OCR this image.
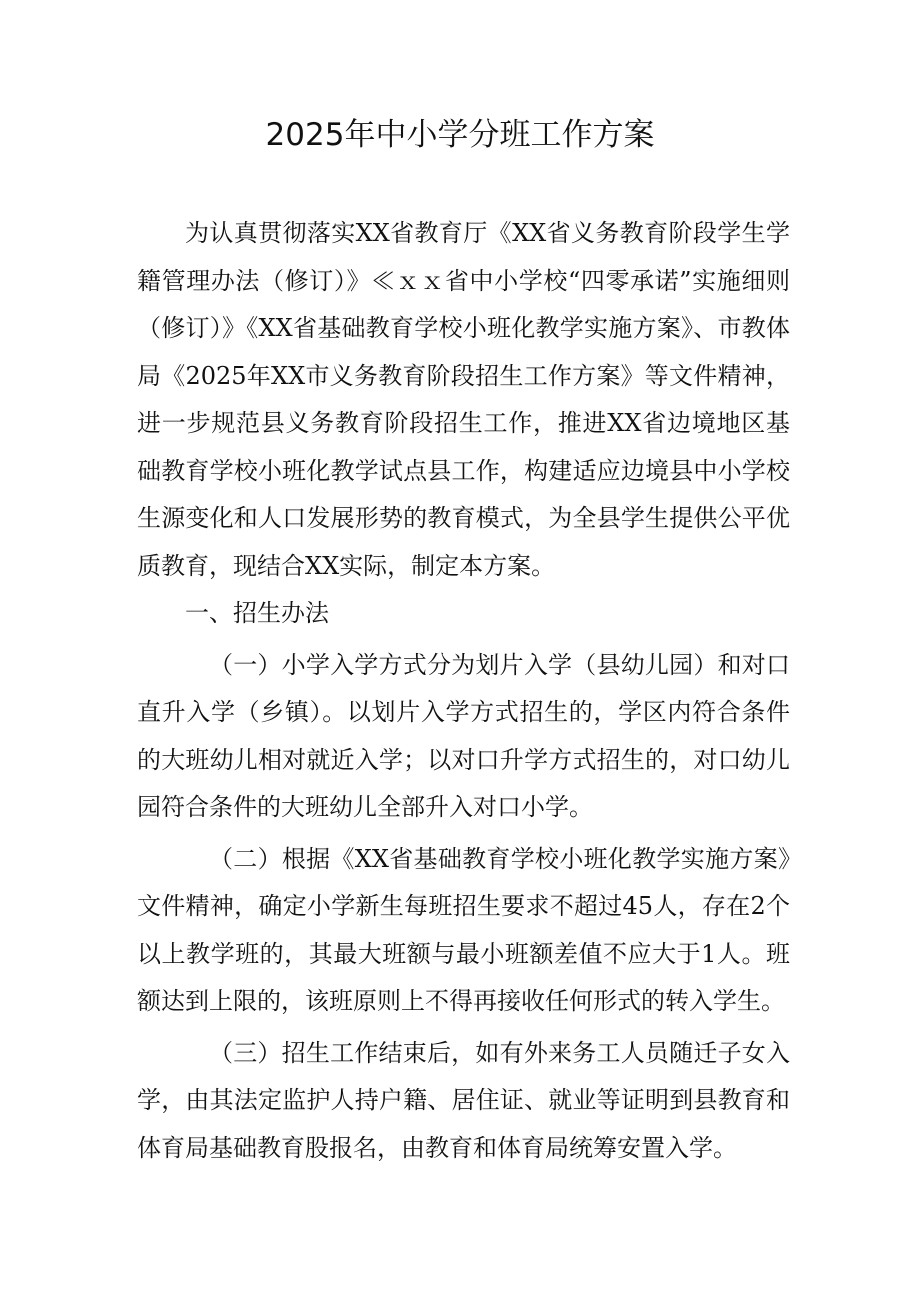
2025年中小学分班工作方案

为认真贯彻落实XX省教育厅《XX省义务教育阶段学生学籍管理办法（修订）》≪ｘｘ省中小学校“四零承诺”实施细则（修订）》《XX省基础教育学校小班化教学实施方案》、市教体局《2025年XX市义务教育阶段招生工作方案》等文件精神，进一步规范县义务教育阶段招生工作，推进XX省边境地区基础教育学校小班化教学试点县工作，构建适应边境县中小学校生源变化和人口发展形势的教育模式，为全县学生提供公平优质教育，现结合XX实际，制定本方案。

一、招生办法

（一）小学入学方式分为划片入学（县幼儿园）和对口直升入学（乡镇）。以划片入学方式招生的，学区内符合条件的大班幼儿相对就近入学；以对口升学方式招生的，对口幼儿园符合条件的大班幼儿全部升入对口小学。

（二）根据《XX省基础教育学校小班化教学实施方案》文件精神，确定小学新生每班招生要求不超过45人，存在2个以上教学班的，其最大班额与最小班额差值不应大于1人。班额达到上限的，该班原则上不得再接收任何形式的转入学生。

（三）招生工作结束后，如有外来务工人员随迁子女入学，由其法定监护人持户籍、居住证、就业等证明到县教育和体育局基础教育股报名，由教育和体育局统筹安置入学。
